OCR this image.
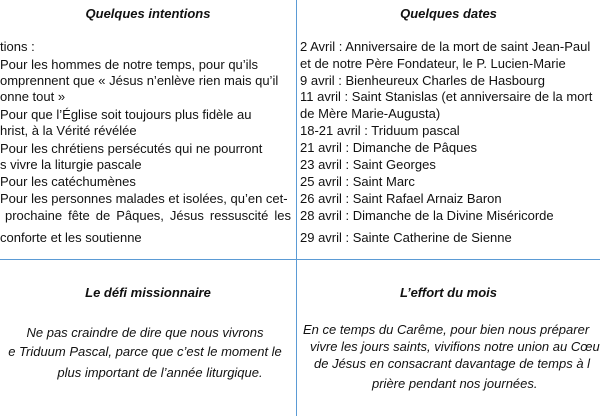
Quelques intentions
tions :
Pour les hommes de notre temps, pour qu’ils
omprennent que « Jésus n’enlève rien mais qu’il
onne tout »
Pour que l’Église soit toujours plus fidèle au
hrist, à la Vérité révélée
Pour les chrétiens persécutés qui ne pourront
s vivre la liturgie pascale
Pour les catéchumènes
Pour les personnes malades et isolées, qu’en cet-
prochaine fête de Pâques, Jésus ressuscité les
conforte et les soutienne
Quelques dates
2 Avril : Anniversaire de la mort de saint Jean-Paul
et de notre Père Fondateur, le P. Lucien-Marie
9 avril : Bienheureux Charles de Hasbourg
11 avril : Saint Stanislas (et anniversaire de la mort
de Mère Marie-Augusta)
18-21 avril : Triduum pascal
21 avril : Dimanche de Pâques
23 avril : Saint Georges
25 avril : Saint Marc
26 avril : Saint Rafael Arnaiz Baron
28 avril : Dimanche de la Divine Miséricorde
29 avril : Sainte Catherine de Sienne
Le défi missionnaire
Ne pas craindre de dire que nous vivrons
e Triduum Pascal, parce que c’est le moment le
plus important de l’année liturgique.
L’effort du mois
En ce temps du Carême, pour bien nous préparer
vivre les jours saints, vivifions notre union au Cœu
de Jésus en consacrant davantage de temps à l
prière pendant nos journées.
